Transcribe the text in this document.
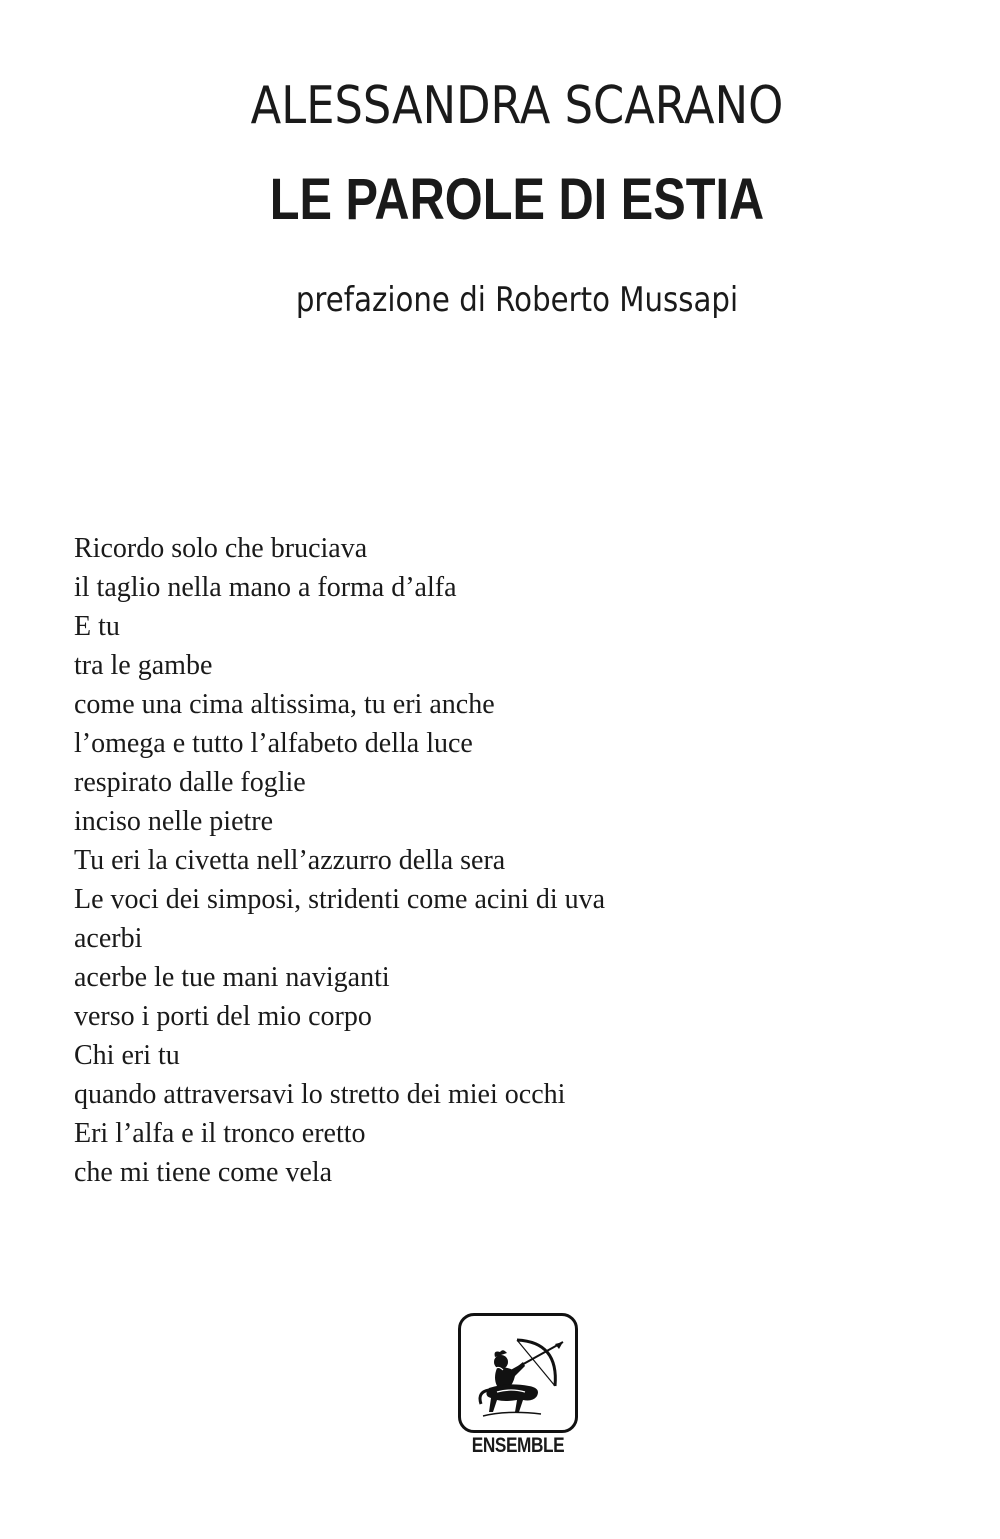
ALESSANDRA SCARANO
LE PAROLE DI ESTIA
prefazione di Roberto Mussapi
Ricordo solo che bruciava
il taglio nella mano a forma d’alfa
E tu
tra le gambe
come una cima altissima, tu eri anche
l’omega e tutto l’alfabeto della luce
respirato dalle foglie
inciso nelle pietre
Tu eri la civetta nell’azzurro della sera
Le voci dei simposi, stridenti come acini di uva
acerbi
acerbe le tue mani naviganti
verso i porti del mio corpo
Chi eri tu
quando attraversavi lo stretto dei miei occhi
Eri l’alfa e il tronco eretto
che mi tiene come vela
ENSEMBLE
